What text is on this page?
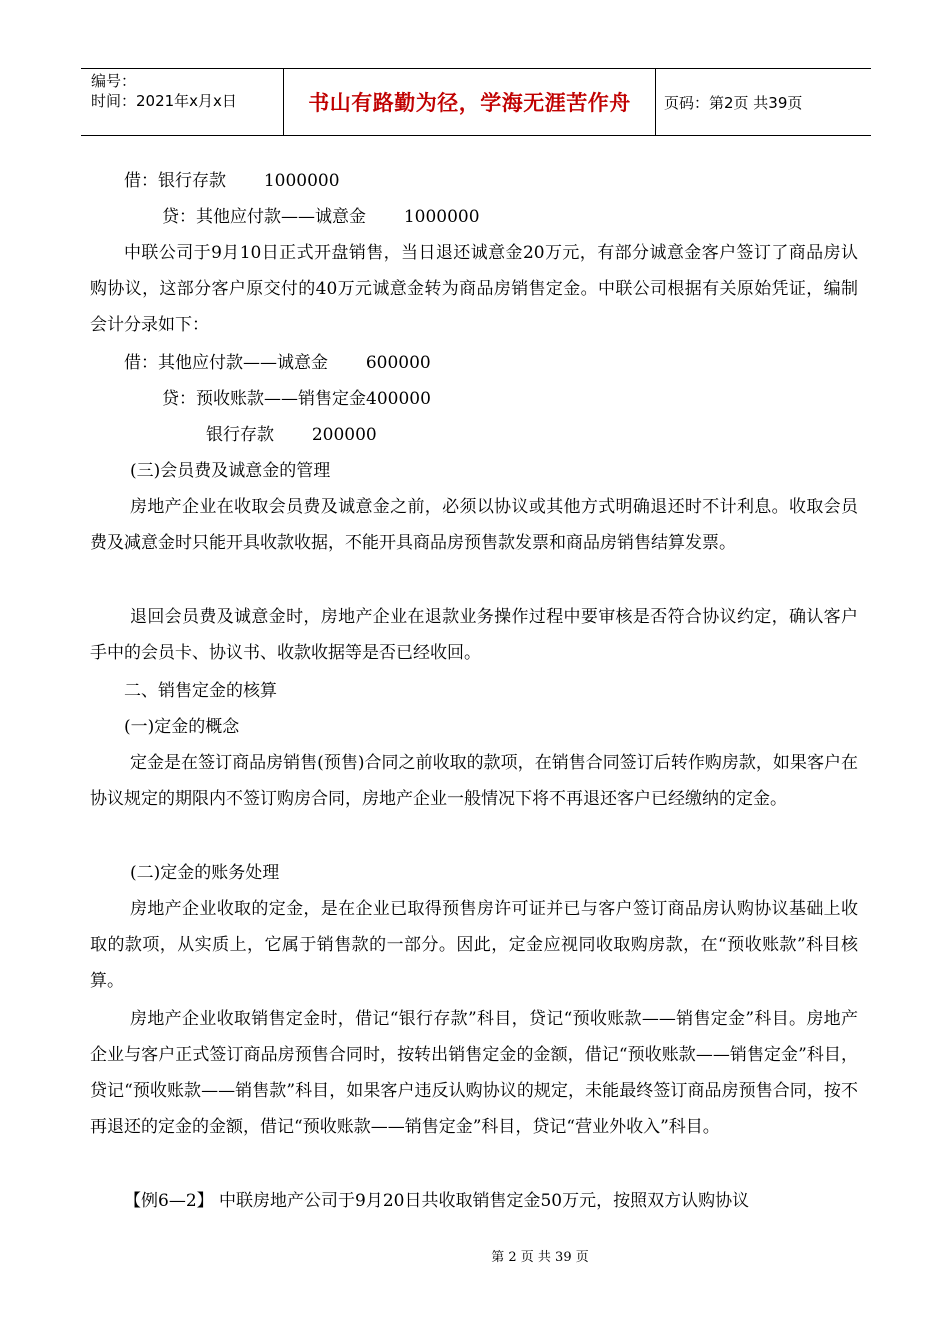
编号：
时间：2021年x月x日	书山有路勤为径，学海无涯苦作舟	页码：第2页 共39页
借：银行存款       1000000
贷：其他应付款——诚意金       1000000
中联公司于9月10日正式开盘销售，当日退还诚意金20万元，有部分诚意金客户签订了商品房认购协议，这部分客户原交付的40万元诚意金转为商品房销售定金。中联公司根据有关原始凭证，编制会计分录如下：
借：其他应付款——诚意金       600000
贷：预收账款——销售定金400000
银行存款       200000
(三)会员费及诚意金的管理
房地产企业在收取会员费及诚意金之前，必须以协议或其他方式明确退还时不计利息。收取会员费及减意金时只能开具收款收据，不能开具商品房预售款发票和商品房销售结算发票。
退回会员费及诚意金时，房地产企业在退款业务操作过程中要审核是否符合协议约定，确认客户手中的会员卡、协议书、收款收据等是否已经收回。
二、销售定金的核算
(一)定金的概念
定金是在签订商品房销售(预售)合同之前收取的款项，在销售合同签订后转作购房款，如果客户在协议规定的期限内不签订购房合同，房地产企业一般情况下将不再退还客户已经缴纳的定金。
(二)定金的账务处理
房地产企业收取的定金，是在企业已取得预售房许可证并已与客户签订商品房认购协议基础上收取的款项，从实质上，它属于销售款的一部分。因此，定金应视同收取购房款，在“预收账款”科目核算。
房地产企业收取销售定金时，借记“银行存款”科目，贷记“预收账款——销售定金”科目。房地产企业与客户正式签订商品房预售合同时，按转出销售定金的金额，借记“预收账款——销售定金”科目，贷记“预收账款——销售款”科目，如果客户违反认购协议的规定，未能最终签订商品房预售合同，按不再退还的定金的金额，借记“预收账款——销售定金”科目，贷记“营业外收入”科目。
【例6—2】 中联房地产公司于9月20日共收取销售定金50万元，按照双方认购协议
第 2 页 共 39 页
